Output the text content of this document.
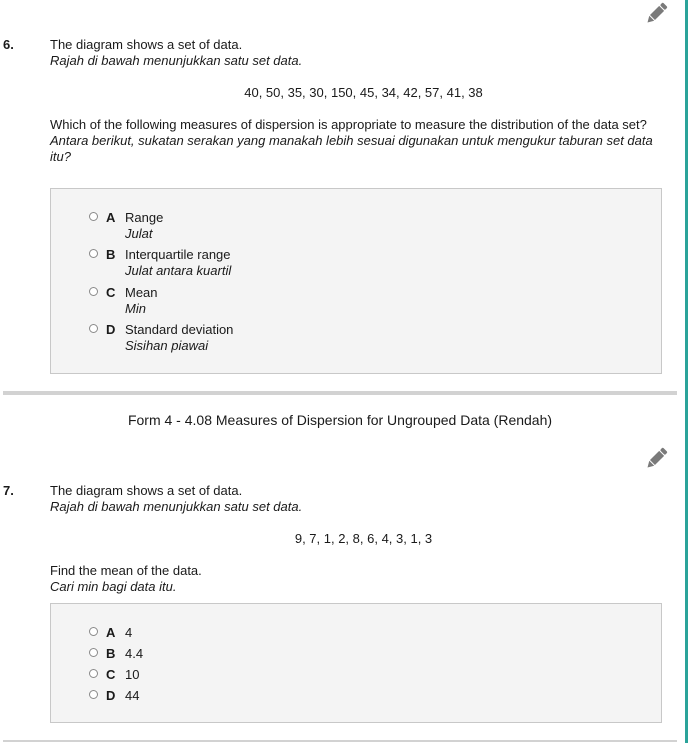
6.	The diagram shows a set of data.

Rajah di bawah menunjukkan satu set data.

40, 50, 35, 30, 150, 45, 34, 42, 57, 41, 38

Which of the following measures of dispersion is appropriate to measure the distribution of the data set?

Antara berikut, sukatan serakan yang manakah lebih sesuai digunakan untuk mengukur taburan set data itu?

A Range
Julat
B Interquartile range
Julat antara kuartil
C Mean
Min
D Standard deviation
Sisihan piawai
Form 4 - 4.08 Measures of Dispersion for Ungrouped Data (Rendah)
7.	The diagram shows a set of data.

Rajah di bawah menunjukkan satu set data.

9, 7, 1, 2, 8, 6, 4, 3, 1, 3

Find the mean of the data.

Cari min bagi data itu.

A 4
B 4.4
C 10
D 44
